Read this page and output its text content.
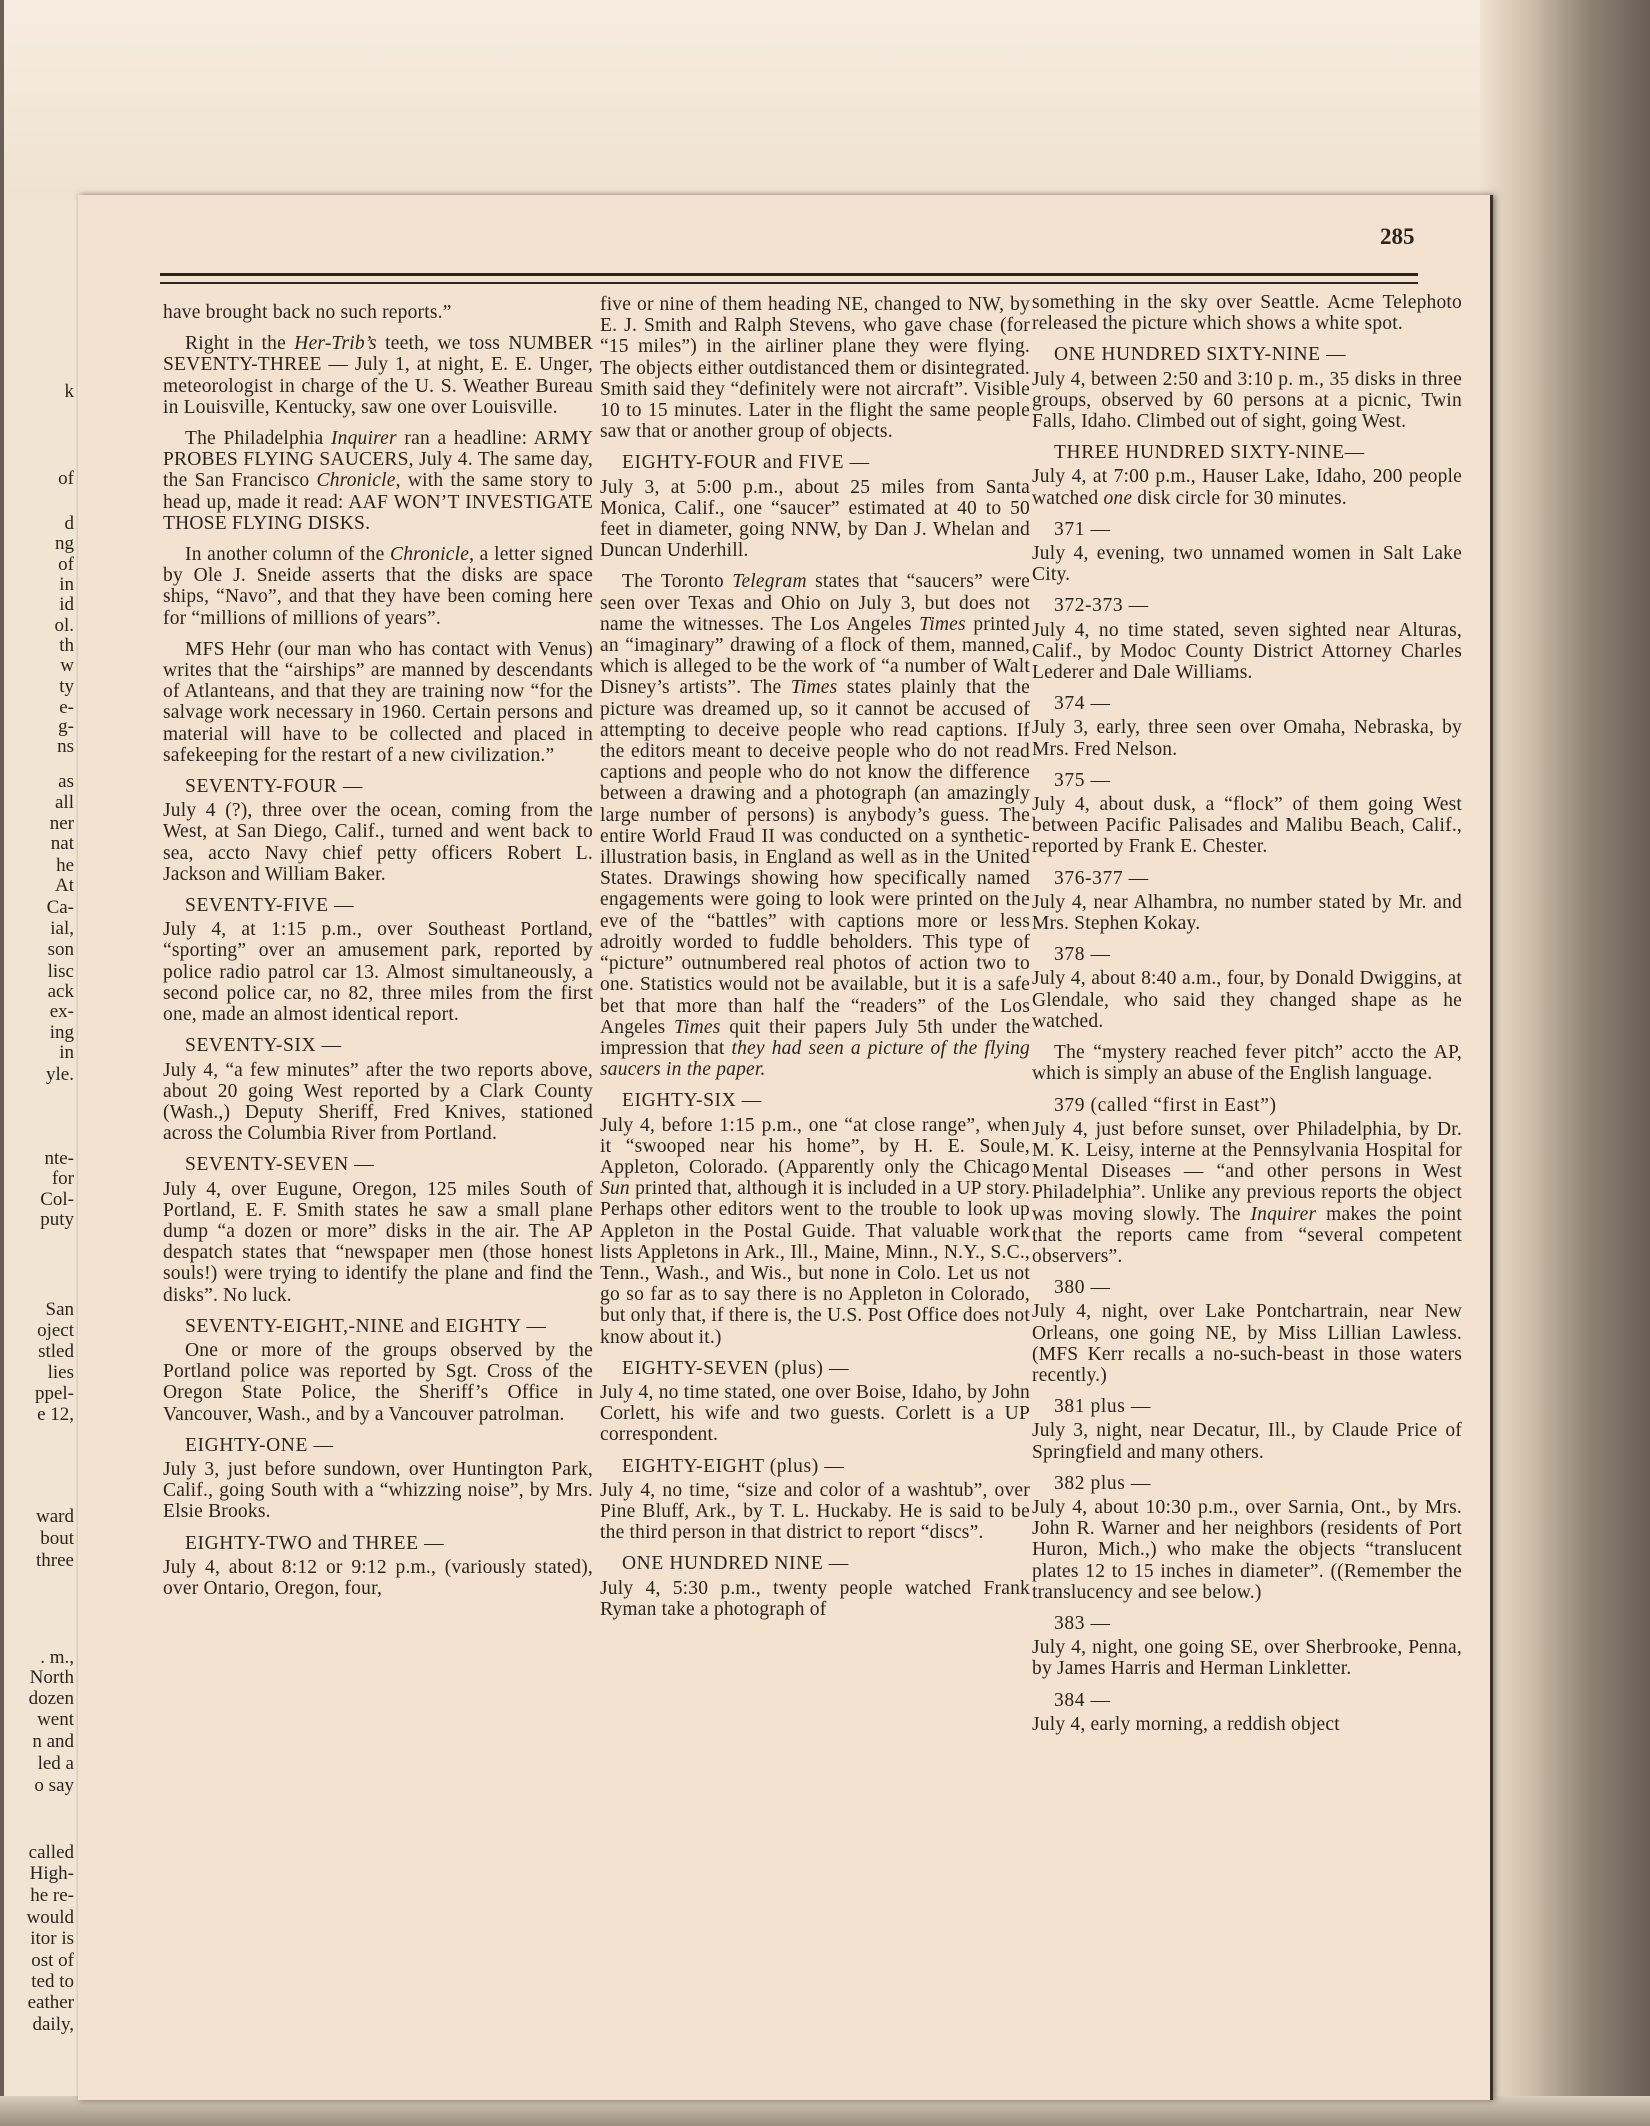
k
of
d
ng
of
in
id
ol.
th
w
ty
e-
g-
ns
as
all
ner
nat
he
At
Ca-
ial,
son
lisc
ack
ex-
ing
in
yle.
nte-
for
Col-
puty
San
oject
stled
lies
ppel-
e 12,
ward
bout
three
. m.,
North
dozen
went
n and
led a
o say
called
High-
he re-
would
itor is
ost of
ted to
eather
daily,
285

have brought back no such reports.”

Right in the Her-Trib’s teeth, we toss NUMBER SEVENTY-THREE — July 1, at night, E. E. Unger, meteorologist in charge of the U. S. Weather Bureau in Louisville, Kentucky, saw one over Louisville.

The Philadelphia Inquirer ran a headline: ARMY PROBES FLYING SAUCERS, July 4. The same day, the San Francisco Chronicle, with the same story to head up, made it read: AAF WON’T INVESTIGATE THOSE FLYING DISKS.

In another column of the Chronicle, a letter signed by Ole J. Sneide asserts that the disks are space ships, “Navo”, and that they have been coming here for “millions of millions of years”.

MFS Hehr (our man who has contact with Venus) writes that the “airships” are manned by descendants of Atlanteans, and that they are training now “for the salvage work necessary in 1960. Certain persons and material will have to be collected and placed in safekeeping for the restart of a new civilization.”

SEVENTY-FOUR —

July 4 (?), three over the ocean, coming from the West, at San Diego, Calif., turned and went back to sea, accto Navy chief petty officers Robert L. Jackson and William Baker.

SEVENTY-FIVE —

July 4, at 1:15 p.m., over Southeast Portland, “sporting” over an amusement park, reported by police radio patrol car 13. Almost simultaneously, a second police car, no 82, three miles from the first one, made an almost identical report.

SEVENTY-SIX —

July 4, “a few minutes” after the two reports above, about 20 going West reported by a Clark County (Wash.,) Deputy Sheriff, Fred Knives, stationed across the Columbia River from Portland.

SEVENTY-SEVEN —

July 4, over Eugune, Oregon, 125 miles South of Portland, E. F. Smith states he saw a small plane dump “a dozen or more” disks in the air. The AP despatch states that “newspaper men (those honest souls!) were trying to identify the plane and find the disks”. No luck.

SEVENTY-EIGHT,-NINE and EIGHTY —

One or more of the groups observed by the Portland police was reported by Sgt. Cross of the Oregon State Police, the Sheriff’s Office in Vancouver, Wash., and by a Vancouver patrolman.

EIGHTY-ONE —

July 3, just before sundown, over Huntington Park, Calif., going South with a “whizzing noise”, by Mrs. Elsie Brooks.

EIGHTY-TWO and THREE —

July 4, about 8:12 or 9:12 p.m., (variously stated), over Ontario, Oregon, four,

five or nine of them heading NE, changed to NW, by E. J. Smith and Ralph Stevens, who gave chase (for “15 miles”) in the airliner plane they were flying. The objects either outdistanced them or disintegrated. Smith said they “definitely were not aircraft”. Visible 10 to 15 minutes. Later in the flight the same people saw that or another group of objects.

EIGHTY-FOUR and FIVE —

July 3, at 5:00 p.m., about 25 miles from Santa Monica, Calif., one “saucer” estimated at 40 to 50 feet in diameter, going NNW, by Dan J. Whelan and Duncan Underhill.

The Toronto Telegram states that “saucers” were seen over Texas and Ohio on July 3, but does not name the witnesses. The Los Angeles Times printed an “imaginary” drawing of a flock of them, manned, which is alleged to be the work of “a number of Walt Disney’s artists”. The Times states plainly that the picture was dreamed up, so it cannot be accused of attempting to deceive people who read captions. If the editors meant to deceive people who do not read captions and people who do not know the difference between a drawing and a photograph (an amazingly large number of persons) is anybody’s guess. The entire World Fraud II was conducted on a synthetic-illustration basis, in England as well as in the United States. Drawings showing how specifically named engagements were going to look were printed on the eve of the “battles” with captions more or less adroitly worded to fuddle beholders. This type of “picture” outnumbered real photos of action two to one. Statistics would not be available, but it is a safe bet that more than half the “readers” of the Los Angeles Times quit their papers July 5th under the impression that they had seen a picture of the flying saucers in the paper.

EIGHTY-SIX —

July 4, before 1:15 p.m., one “at close range”, when it “swooped near his home”, by H. E. Soule, Appleton, Colorado. (Apparently only the Chicago Sun printed that, although it is included in a UP story. Perhaps other editors went to the trouble to look up Appleton in the Postal Guide. That valuable work lists Appletons in Ark., Ill., Maine, Minn., N.Y., S.C., Tenn., Wash., and Wis., but none in Colo. Let us not go so far as to say there is no Appleton in Colorado, but only that, if there is, the U.S. Post Office does not know about it.)

EIGHTY-SEVEN (plus) —

July 4, no time stated, one over Boise, Idaho, by John Corlett, his wife and two guests. Corlett is a UP correspondent.

EIGHTY-EIGHT (plus) —

July 4, no time, “size and color of a washtub”, over Pine Bluff, Ark., by T. L. Huckaby. He is said to be the third person in that district to report “discs”.

ONE HUNDRED NINE —

July 4, 5:30 p.m., twenty people watched Frank Ryman take a photograph of

something in the sky over Seattle. Acme Telephoto released the picture which shows a white spot.

ONE HUNDRED SIXTY-NINE —

July 4, between 2:50 and 3:10 p. m., 35 disks in three groups, observed by 60 persons at a picnic, Twin Falls, Idaho. Climbed out of sight, going West.

THREE HUNDRED SIXTY-NINE—

July 4, at 7:00 p.m., Hauser Lake, Idaho, 200 people watched one disk circle for 30 minutes.

371 —

July 4, evening, two unnamed women in Salt Lake City.

372-373 —

July 4, no time stated, seven sighted near Alturas, Calif., by Modoc County District Attorney Charles Lederer and Dale Williams.

374 —

July 3, early, three seen over Omaha, Nebraska, by Mrs. Fred Nelson.

375 —

July 4, about dusk, a “flock” of them going West between Pacific Palisades and Malibu Beach, Calif., reported by Frank E. Chester.

376-377 —

July 4, near Alhambra, no number stated by Mr. and Mrs. Stephen Kokay.

378 —

July 4, about 8:40 a.m., four, by Donald Dwiggins, at Glendale, who said they changed shape as he watched.

The “mystery reached fever pitch” accto the AP, which is simply an abuse of the English language.

379 (called “first in East”)

July 4, just before sunset, over Philadelphia, by Dr. M. K. Leisy, interne at the Pennsylvania Hospital for Mental Diseases — “and other persons in West Philadelphia”. Unlike any previous reports the object was moving slowly. The Inquirer makes the point that the reports came from “several competent observers”.

380 —

July 4, night, over Lake Pontchartrain, near New Orleans, one going NE, by Miss Lillian Lawless. (MFS Kerr recalls a no-such-beast in those waters recently.)

381 plus —

July 3, night, near Decatur, Ill., by Claude Price of Springfield and many others.

382 plus —

July 4, about 10:30 p.m., over Sarnia, Ont., by Mrs. John R. Warner and her neighbors (residents of Port Huron, Mich.,) who make the objects “translucent plates 12 to 15 inches in diameter”. ((Remember the translucency and see below.)

383 —

July 4, night, one going SE, over Sherbrooke, Penna, by James Harris and Herman Linkletter.

384 —

July 4, early morning, a reddish object
